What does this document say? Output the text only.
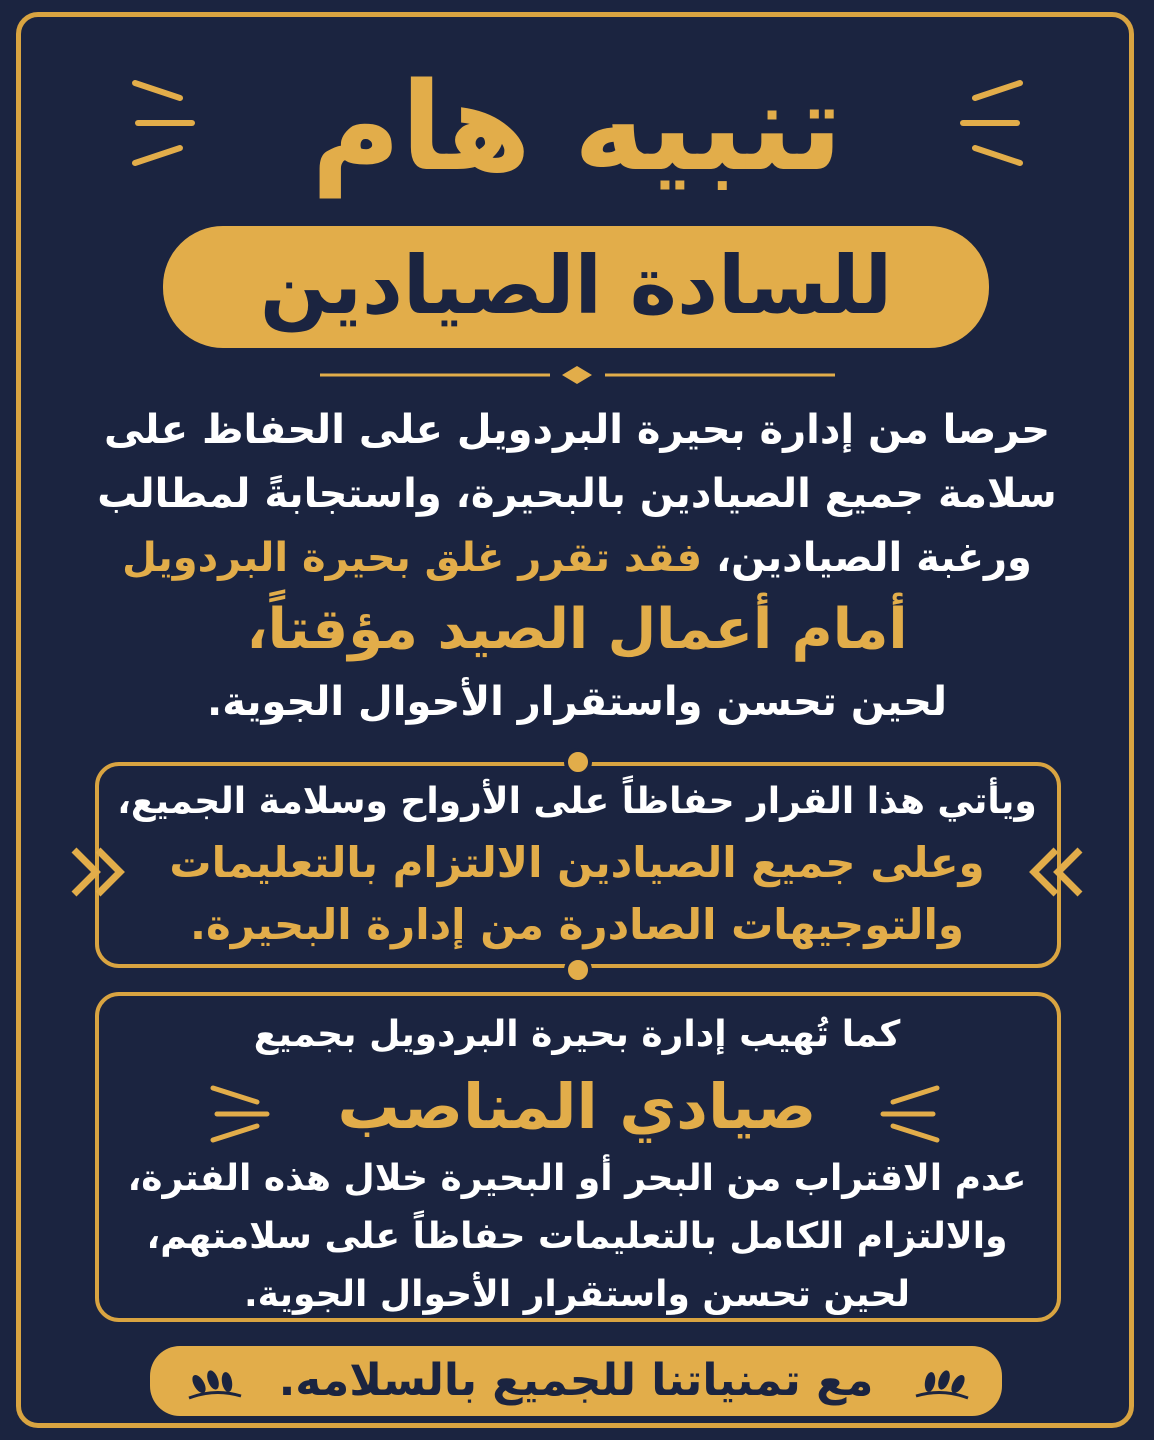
تنبيه هام
للسادة الصيادين
حرصا من إدارة بحيرة البردويل على الحفاظ على
سلامة جميع الصيادين بالبحيرة، واستجابةً لمطالب
ورغبة الصيادين، فقد تقرر غلق بحيرة البردويل
أمام أعمال الصيد مؤقتاً،
لحين تحسن واستقرار الأحوال الجوية.
ويأتي هذا القرار حفاظاً على الأرواح وسلامة الجميع،
وعلى جميع الصيادين الالتزام بالتعليمات
والتوجيهات الصادرة من إدارة البحيرة.
كما تُهيب إدارة بحيرة البردويل بجميع
صيادي المناصب
عدم الاقتراب من البحر أو البحيرة خلال هذه الفترة،
والالتزام الكامل بالتعليمات حفاظاً على سلامتهم،
لحين تحسن واستقرار الأحوال الجوية.
مع تمنياتنا للجميع بالسلامه.
